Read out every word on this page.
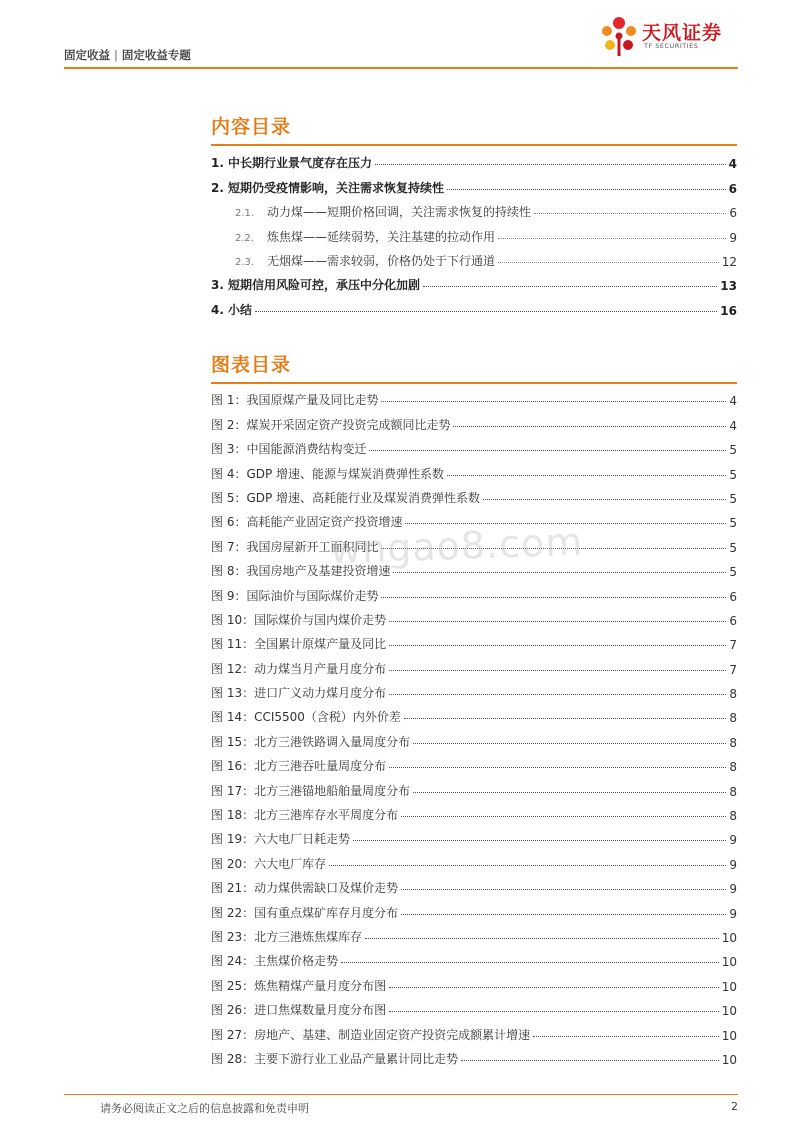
固定收益 | 固定收益专题
天风证券
TF SECURITIES
内容目录
1. 中长期行业景气度存在压力	4
2. 短期仍受疫情影响，关注需求恢复持续性	6
2.1. 动力煤——短期价格回调，关注需求恢复的持续性	6
2.2. 炼焦煤——延续弱势，关注基建的拉动作用	9
2.3. 无烟煤——需求较弱，价格仍处于下行通道	12
3. 短期信用风险可控，承压中分化加剧	13
4. 小结	16
图表目录
图 1：我国原煤产量及同比走势	4
图 2：煤炭开采固定资产投资完成额同比走势	4
图 3：中国能源消费结构变迁	5
图 4：GDP 增速、能源与煤炭消费弹性系数	5
图 5：GDP 增速、高耗能行业及煤炭消费弹性系数	5
图 6：高耗能产业固定资产投资增速	5
图 7：我国房屋新开工面积同比	5
图 8：我国房地产及基建投资增速	5
图 9：国际油价与国际煤价走势	6
图 10：国际煤价与国内煤价走势	6
图 11：全国累计原煤产量及同比	7
图 12：动力煤当月产量月度分布	7
图 13：进口广义动力煤月度分布	8
图 14：CCI5500（含税）内外价差	8
图 15：北方三港铁路调入量周度分布	8
图 16：北方三港吞吐量周度分布	8
图 17：北方三港锚地船舶量周度分布	8
图 18：北方三港库存水平周度分布	8
图 19：六大电厂日耗走势	9
图 20：六大电厂库存	9
图 21：动力煤供需缺口及煤价走势	9
图 22：国有重点煤矿库存月度分布	9
图 23：北方三港炼焦煤库存	10
图 24：主焦煤价格走势	10
图 25：炼焦精煤产量月度分布图	10
图 26：进口焦煤数量月度分布图	10
图 27：房地产、基建、制造业固定资产投资完成额累计增速	10
图 28：主要下游行业工业品产量累计同比走势	10
wngao8.com
请务必阅读正文之后的信息披露和免责申明	2
